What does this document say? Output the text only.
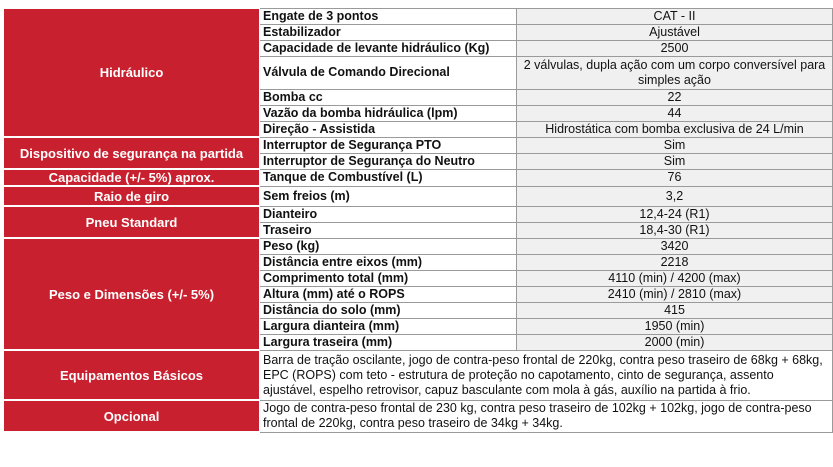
Hidráulico	Engate de 3 pontos	CAT - II
	Estabilizador	Ajustável
	Capacidade de levante hidráulico (Kg)	2500
	Válvula de Comando Direcional	2 válvulas, dupla ação com um corpo conversível para simples ação
	Bomba cc	22
	Vazão da bomba hidráulica (lpm)	44
	Direção - Assistida	Hidrostática com bomba exclusiva de 24 L/min
Dispositivo de segurança na partida	Interruptor de Segurança PTO	Sim
	Interruptor de Segurança do Neutro	Sim
Capacidade (+/- 5%) aprox.	Tanque de Combustível (L)	76
Raio de giro	Sem freios (m)	3,2
Pneu Standard	Dianteiro	12,4-24 (R1)
	Traseiro	18,4-30 (R1)
Peso e Dimensões (+/- 5%)	Peso (kg)	3420
	Distância entre eixos (mm)	2218
	Comprimento total (mm)	4110 (min) / 4200 (max)
	Altura (mm) até o ROPS	2410 (min) / 2810 (max)
	Distância do solo (mm)	415
	Largura dianteira (mm)	1950 (min)
	Largura traseira (mm)	2000 (min)
Equipamentos Básicos	Barra de tração oscilante, jogo de contra-peso frontal de 220kg, contra peso traseiro de 68kg + 68kg, EPC (ROPS) com teto - estrutura de proteção no capotamento, cinto de segurança, assento ajustável, espelho retrovisor, capuz basculante com mola à gás, auxílio na partida à frio.	
Opcional	Jogo de contra-peso frontal de 230 kg, contra peso traseiro de 102kg + 102kg, jogo de contra-peso frontal de 220kg, contra peso traseiro de 34kg + 34kg.	
